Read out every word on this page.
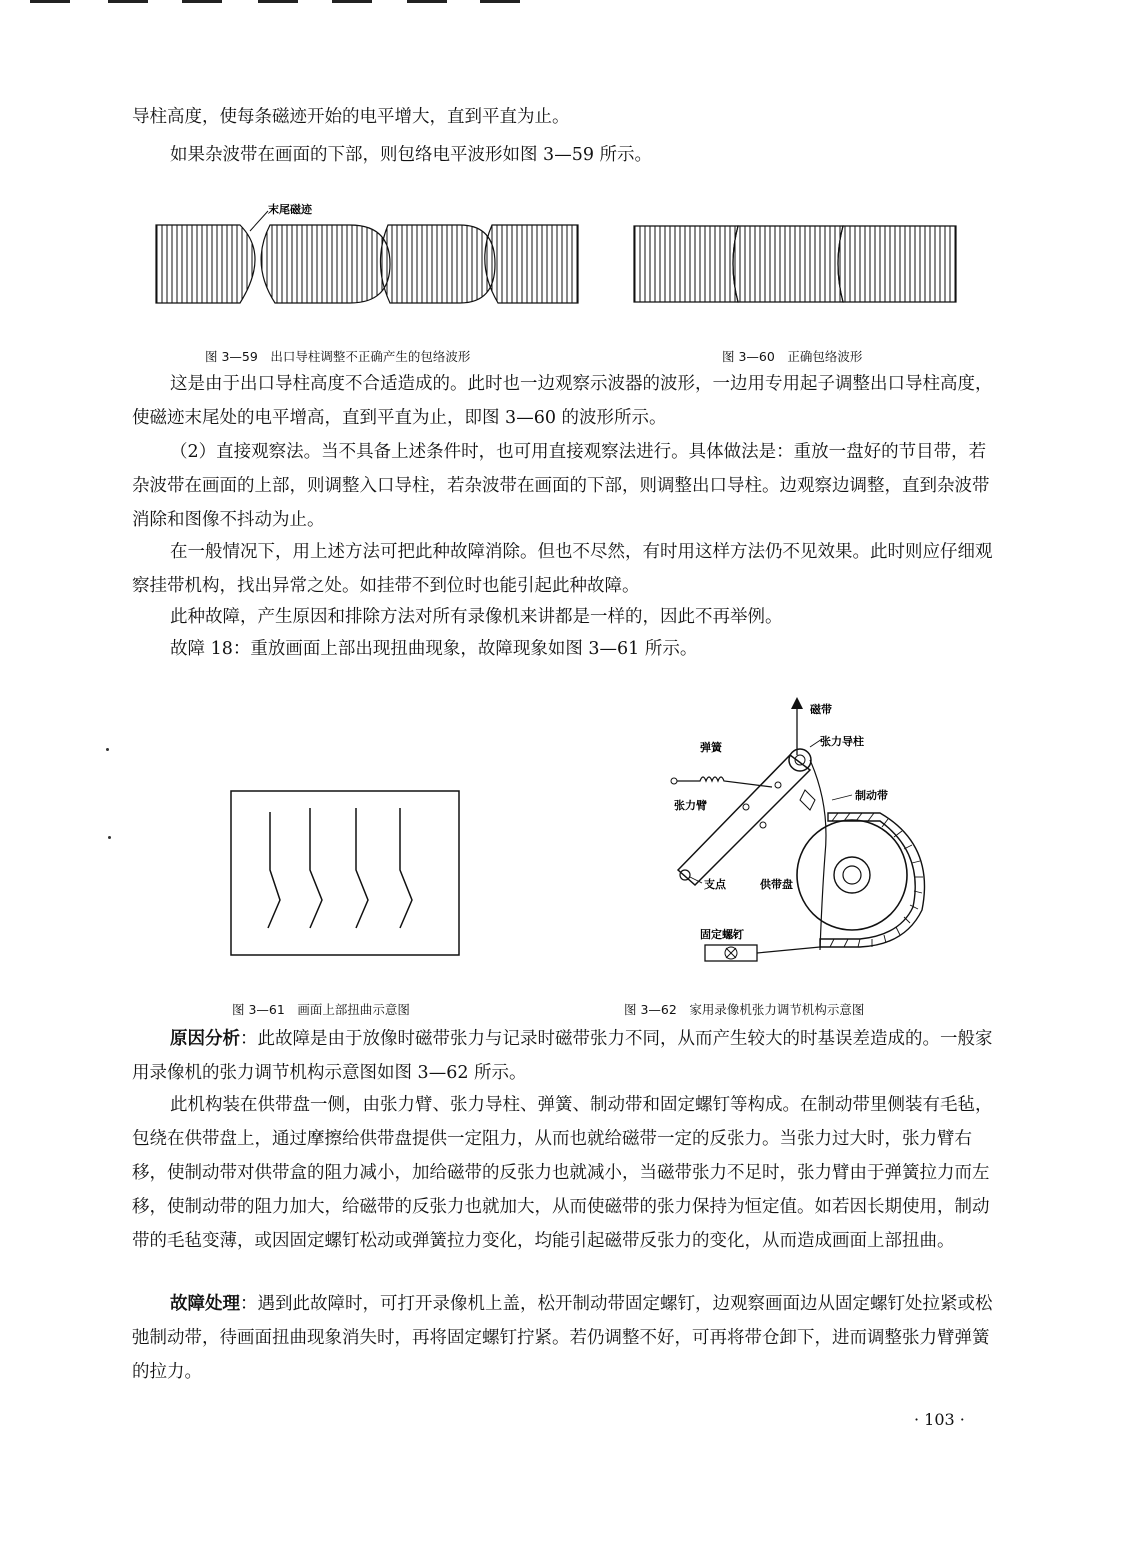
导柱高度，使每条磁迹开始的电平增大，直到平直为止。

如果杂波带在画面的下部，则包络电平波形如图 3—59 所示。

末尾磁迹
图 3—59　出口导柱调整不正确产生的包络波形	图 3—60　正确包络波形

这是由于出口导柱高度不合适造成的。此时也一边观察示波器的波形，一边用专用起子调整出口导柱高度，使磁迹末尾处的电平增高，直到平直为止，即图 3—60 的波形所示。

（2）直接观察法。当不具备上述条件时，也可用直接观察法进行。具体做法是：重放一盘好的节目带，若杂波带在画面的上部，则调整入口导柱，若杂波带在画面的下部，则调整出口导柱。边观察边调整，直到杂波带消除和图像不抖动为止。

在一般情况下，用上述方法可把此种故障消除。但也不尽然，有时用这样方法仍不见效果。此时则应仔细观察挂带机构，找出异常之处。如挂带不到位时也能引起此种故障。

此种故障，产生原因和排除方法对所有录像机来讲都是一样的，因此不再举例。

故障 18：重放画面上部出现扭曲现象，故障现象如图 3—61 所示。

磁带
张力导柱
弹簧
张力臂
制动带
支点	供带盘
固定螺钉
图 3—61　画面上部扭曲示意图	图 3—62　家用录像机张力调节机构示意图

原因分析：此故障是由于放像时磁带张力与记录时磁带张力不同，从而产生较大的时基误差造成的。一般家用录像机的张力调节机构示意图如图 3—62 所示。

此机构装在供带盘一侧，由张力臂、张力导柱、弹簧、制动带和固定螺钉等构成。在制动带里侧装有毛毡，包绕在供带盘上，通过摩擦给供带盘提供一定阻力，从而也就给磁带一定的反张力。当张力过大时，张力臂右移，使制动带对供带盒的阻力减小，加给磁带的反张力也就减小，当磁带张力不足时，张力臂由于弹簧拉力而左移，使制动带的阻力加大，给磁带的反张力也就加大，从而使磁带的张力保持为恒定值。如若因长期使用，制动带的毛毡变薄，或因固定螺钉松动或弹簧拉力变化，均能引起磁带反张力的变化，从而造成画面上部扭曲。

故障处理：遇到此故障时，可打开录像机上盖，松开制动带固定螺钉，边观察画面边从固定螺钉处拉紧或松弛制动带，待画面扭曲现象消失时，再将固定螺钉拧紧。若仍调整不好，可再将带仓卸下，进而调整张力臂弹簧的拉力。

· 103 ·
